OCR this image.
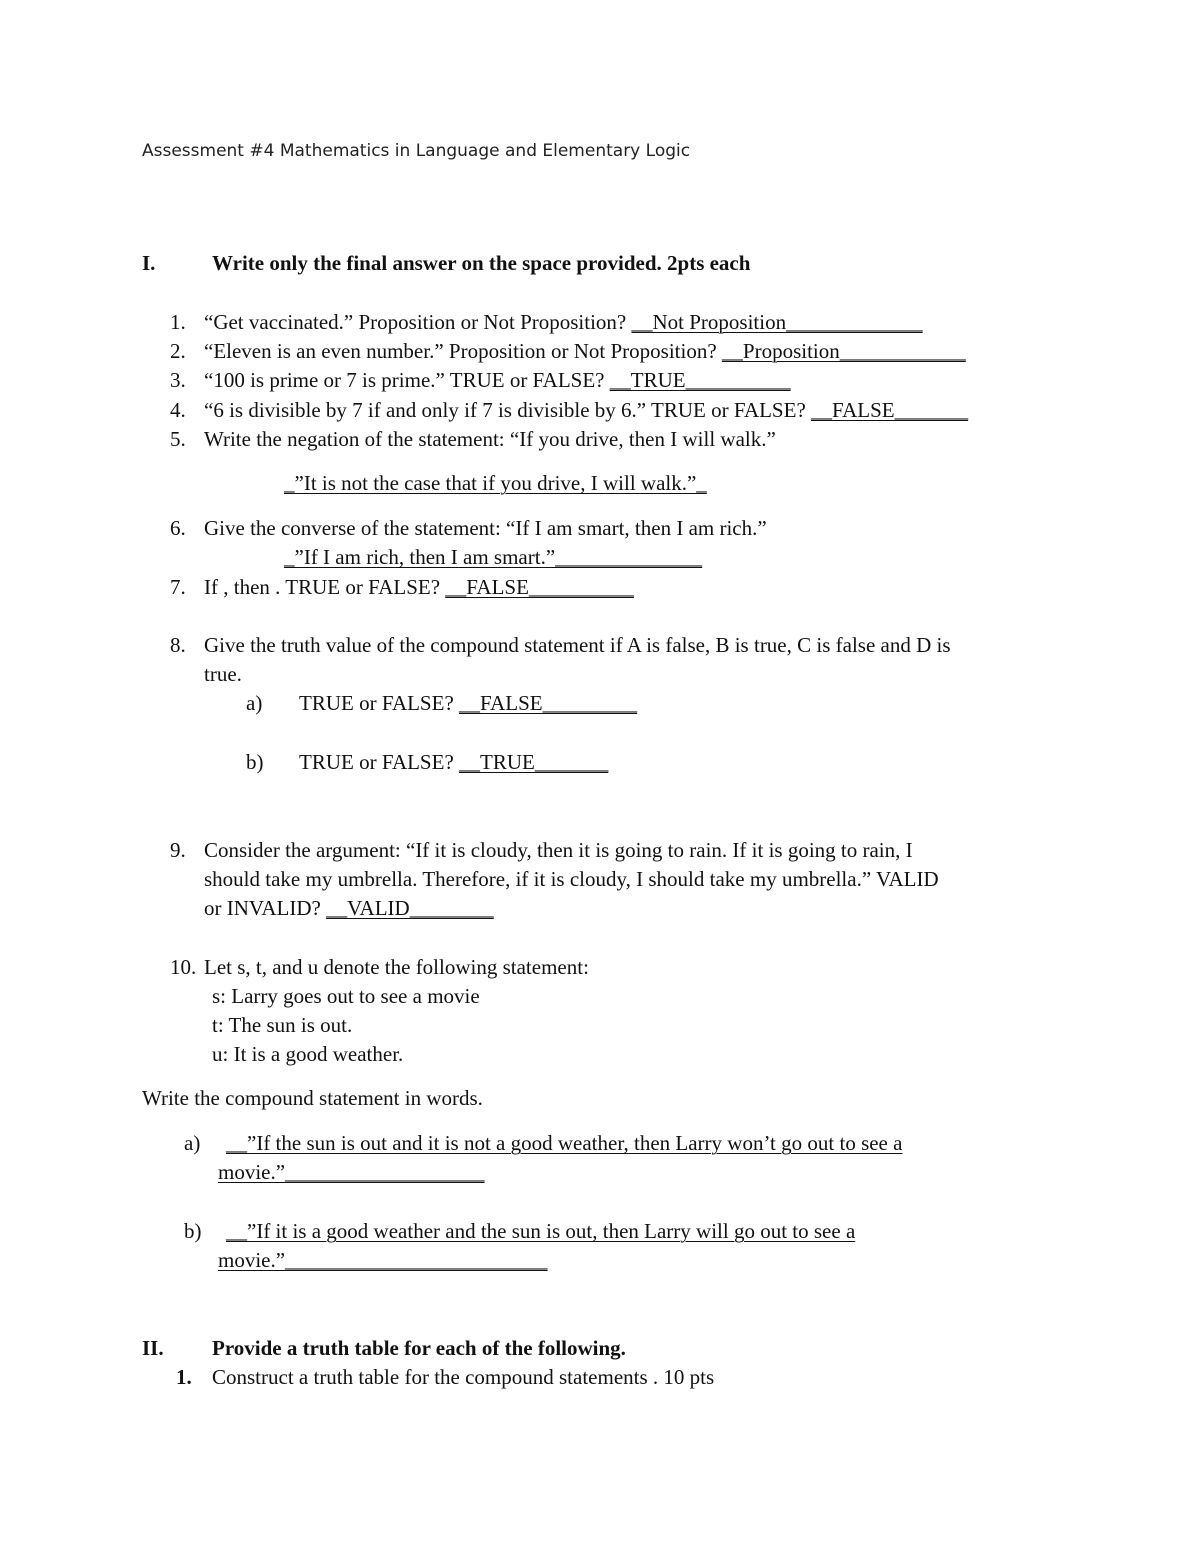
Assessment #4 Mathematics in Language and Elementary Logic
I.	Write only the final answer on the space provided. 2pts each
1. “Get vaccinated.” Proposition or Not Proposition? __Not Proposition_____________
2. “Eleven is an even number.” Proposition or Not Proposition? __Proposition____________
3. “100 is prime or 7 is prime.” TRUE or FALSE? __TRUE__________
4. “6 is divisible by 7 if and only if 7 is divisible by 6.” TRUE or FALSE? __FALSE_______
5. Write the negation of the statement: “If you drive, then I will walk.”
_”It is not the case that if you drive, I will walk.”_
6. Give the converse of the statement: “If I am smart, then I am rich.”
_”If I am rich, then I am smart.”______________
7. If , then . TRUE or FALSE? __FALSE__________
8. Give the truth value of the compound statement if A is false, B is true, C is false and D is
true.
a) TRUE or FALSE? __FALSE_________
b) TRUE or FALSE? __TRUE_______
9. Consider the argument: “If it is cloudy, then it is going to rain. If it is going to rain, I
should take my umbrella. Therefore, if it is cloudy, I should take my umbrella.” VALID
or INVALID? __VALID________
10. Let s, t, and u denote the following statement:
s: Larry goes out to see a movie
t: The sun is out.
u: It is a good weather.
Write the compound statement in words.
a) __”If the sun is out and it is not a good weather, then Larry won’t go out to see a
movie.”___________________
b) __”If it is a good weather and the sun is out, then Larry will go out to see a
movie.”_________________________
II. Provide a truth table for each of the following.
1. Construct a truth table for the compound statements . 10 pts
